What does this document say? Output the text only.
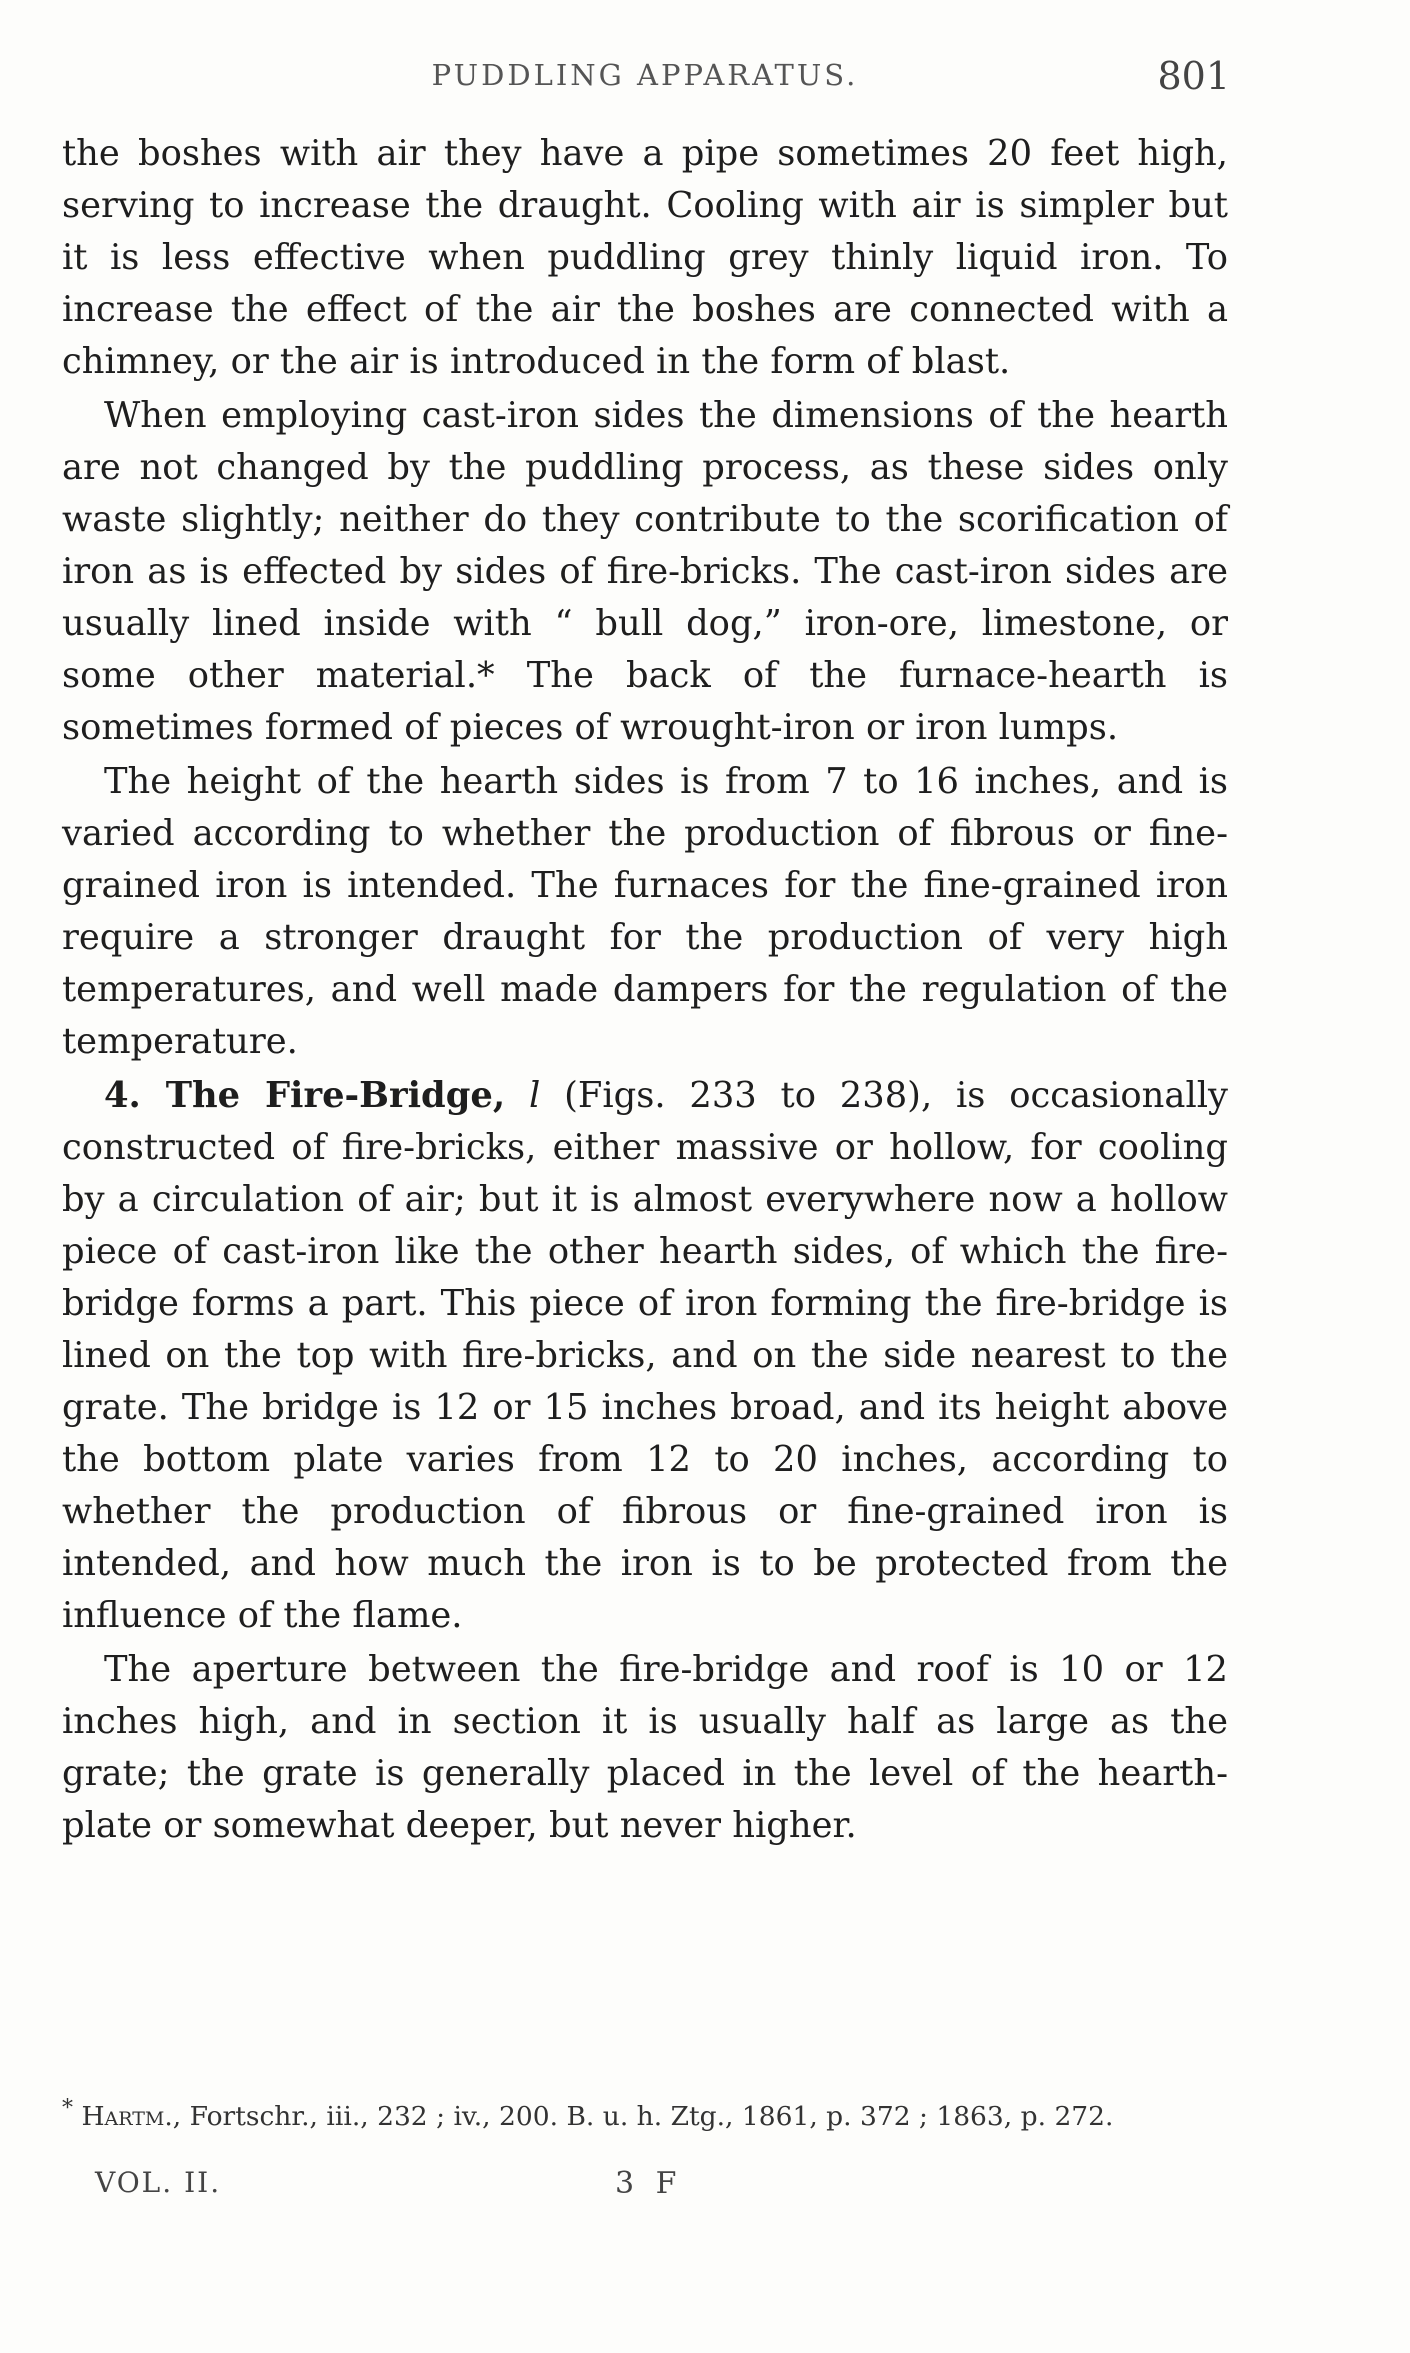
PUDDLING APPARATUS.	801

the boshes with air they have a pipe sometimes 20 feet high, serving to increase the draught. Cooling with air is simpler but it is less effective when puddling grey thinly liquid iron. To increase the effect of the air the boshes are connected with a chimney, or the air is introduced in the form of blast.

When employing cast-iron sides the dimensions of the hearth are not changed by the puddling process, as these sides only waste slightly; neither do they contribute to the scorification of iron as is effected by sides of fire-bricks. The cast-iron sides are usually lined inside with “ bull dog,” iron-ore, limestone, or some other material.* The back of the furnace-hearth is sometimes formed of pieces of wrought-iron or iron lumps.

The height of the hearth sides is from 7 to 16 inches, and is varied according to whether the production of fibrous or fine-grained iron is intended. The furnaces for the fine-grained iron require a stronger draught for the production of very high temperatures, and well made dampers for the regulation of the temperature.

4. The Fire-Bridge, l (Figs. 233 to 238), is occasionally constructed of fire-bricks, either massive or hollow, for cooling by a circulation of air; but it is almost everywhere now a hollow piece of cast-iron like the other hearth sides, of which the fire-bridge forms a part. This piece of iron forming the fire-bridge is lined on the top with fire-bricks, and on the side nearest to the grate. The bridge is 12 or 15 inches broad, and its height above the bottom plate varies from 12 to 20 inches, according to whether the production of fibrous or fine-grained iron is intended, and how much the iron is to be protected from the influence of the flame.

The aperture between the fire-bridge and roof is 10 or 12 inches high, and in section it is usually half as large as the grate; the grate is generally placed in the level of the hearth-plate or somewhat deeper, but never higher.

* Hartm., Fortschr., iii., 232 ; iv., 200. B. u. h. Ztg., 1861, p. 372 ; 1863, p. 272.
VOL. II.	3 F
